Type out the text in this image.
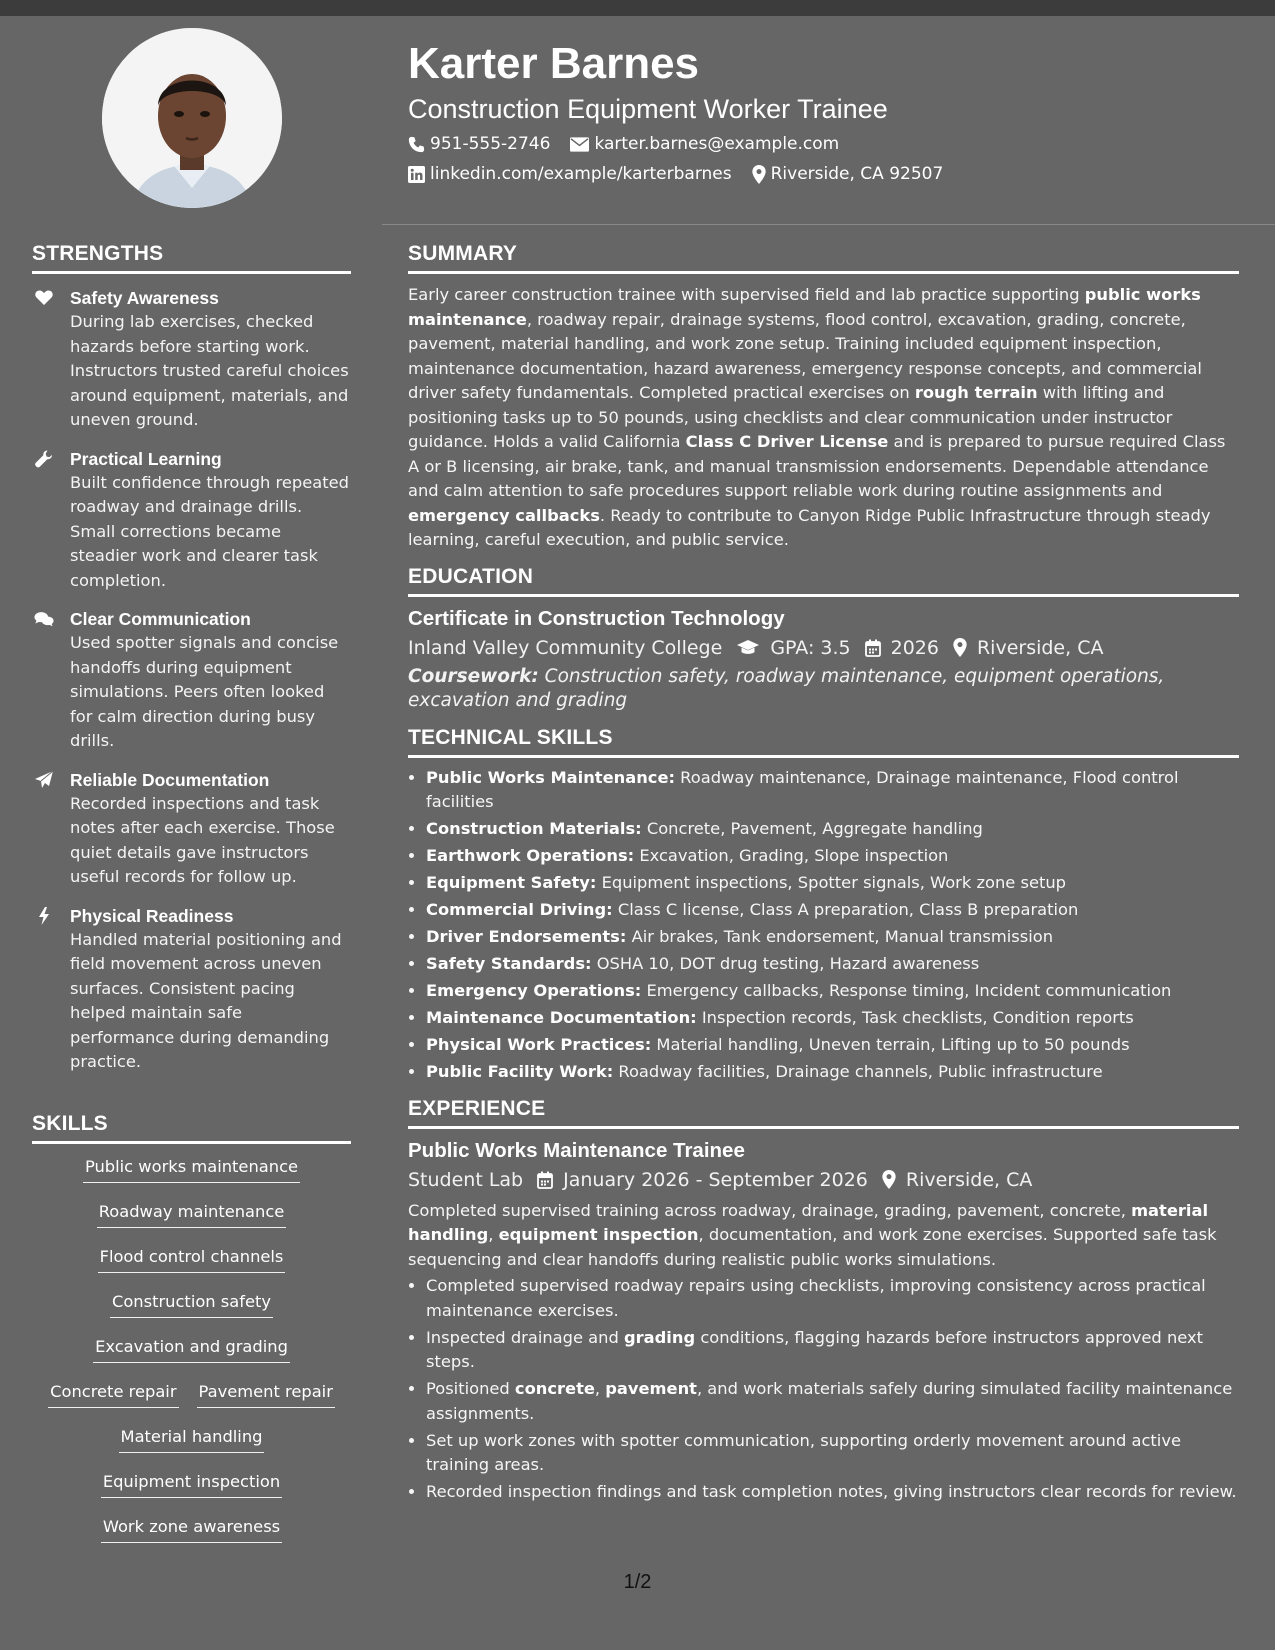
STRENGTHS
Safety Awareness
During lab exercises, checked hazards before starting work. Instructors trusted careful choices around equipment, materials, and uneven ground.
Practical Learning
Built confidence through repeated roadway and drainage drills. Small corrections became steadier work and clearer task completion.
Clear Communication
Used spotter signals and concise handoffs during equipment simulations. Peers often looked for calm direction during busy drills.
Reliable Documentation
Recorded inspections and task notes after each exercise. Those quiet details gave instructors useful records for follow up.
Physical Readiness
Handled material positioning and field movement across uneven surfaces. Consistent pacing helped maintain safe performance during demanding practice.
SKILLS
Public works maintenance
Roadway maintenance
Flood control channels
Construction safety
Excavation and grading
Concrete repair Pavement repair
Material handling
Equipment inspection
Work zone awareness
Karter Barnes
Construction Equipment Worker Trainee
951-555-2746	karter.barnes@example.com
linkedin.com/example/karterbarnes Riverside, CA 92507
SUMMARY
Early career construction trainee with supervised field and lab practice supporting public works maintenance, roadway repair, drainage systems, flood control, excavation, grading, concrete, pavement, material handling, and work zone setup. Training included equipment inspection, maintenance documentation, hazard awareness, emergency response concepts, and commercial driver safety fundamentals. Completed practical exercises on rough terrain with lifting and positioning tasks up to 50 pounds, using checklists and clear communication under instructor guidance. Holds a valid California Class C Driver License and is prepared to pursue required Class A or B licensing, air brake, tank, and manual transmission endorsements. Dependable attendance and calm attention to safe procedures support reliable work during routine assignments and emergency callbacks. Ready to contribute to Canyon Ridge Public Infrastructure through steady learning, careful execution, and public service.
EDUCATION
Certificate in Construction Technology
Inland Valley Community College	GPA: 3.5 2026 Riverside, CA
Coursework: Construction safety, roadway maintenance, equipment operations, excavation and grading
TECHNICAL SKILLS
• Public Works Maintenance: Roadway maintenance, Drainage maintenance, Flood control facilities
• Construction Materials: Concrete, Pavement, Aggregate handling
• Earthwork Operations: Excavation, Grading, Slope inspection
• Equipment Safety: Equipment inspections, Spotter signals, Work zone setup
• Commercial Driving: Class C license, Class A preparation, Class B preparation
• Driver Endorsements: Air brakes, Tank endorsement, Manual transmission
• Safety Standards: OSHA 10, DOT drug testing, Hazard awareness
• Emergency Operations: Emergency callbacks, Response timing, Incident communication
• Maintenance Documentation: Inspection records, Task checklists, Condition reports
• Physical Work Practices: Material handling, Uneven terrain, Lifting up to 50 pounds
• Public Facility Work: Roadway facilities, Drainage channels, Public infrastructure
EXPERIENCE
Public Works Maintenance Trainee
Student Lab January 2026 - September 2026 Riverside, CA
Completed supervised training across roadway, drainage, grading, pavement, concrete, material handling, equipment inspection, documentation, and work zone exercises. Supported safe task sequencing and clear handoffs during realistic public works simulations.
• Completed supervised roadway repairs using checklists, improving consistency across practical maintenance exercises.
• Inspected drainage and grading conditions, flagging hazards before instructors approved next steps.
• Positioned concrete, pavement, and work materials safely during simulated facility maintenance assignments.
• Set up work zones with spotter communication, supporting orderly movement around active training areas.
• Recorded inspection findings and task completion notes, giving instructors clear records for review.
1/2
